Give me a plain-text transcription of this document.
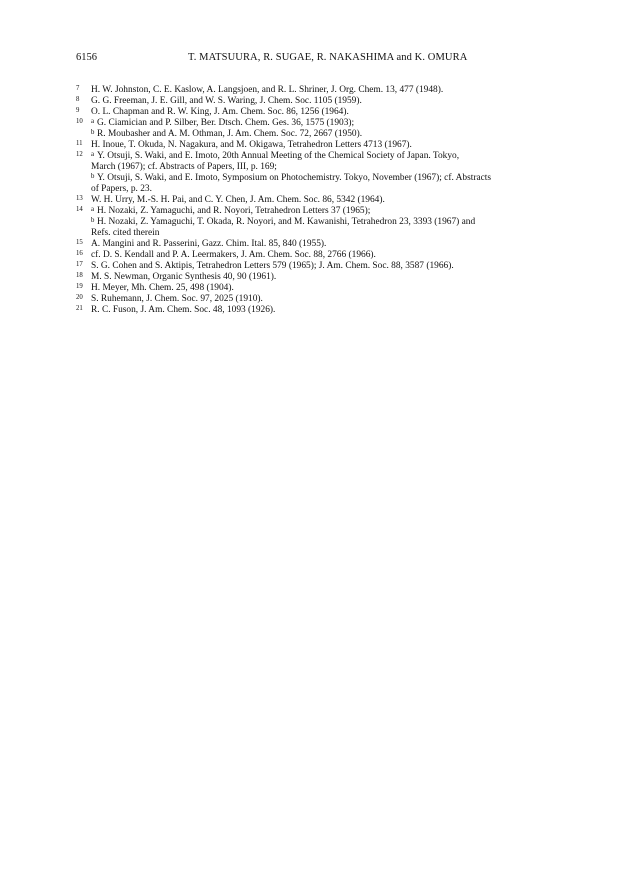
6156	T. MATSUURA, R. SUGAE, R. NAKASHIMA and K. OMURA
7	H. W. Johnston, C. E. Kaslow, A. Langsjoen, and R. L. Shriner, J. Org. Chem. 13, 477 (1948).
8	G. G. Freeman, J. E. Gill, and W. S. Waring, J. Chem. Soc. 1105 (1959).
9	O. L. Chapman and R. W. King, J. Am. Chem. Soc. 86, 1256 (1964).
10	a G. Ciamician and P. Silber, Ber. Dtsch. Chem. Ges. 36, 1575 (1903);
b R. Moubasher and A. M. Othman, J. Am. Chem. Soc. 72, 2667 (1950).
11 H. Inoue, T. Okuda, N. Nagakura, and M. Okigawa, Tetrahedron Letters 4713 (1967).
12	a Y. Otsuji, S. Waki, and E. Imoto, 20th Annual Meeting of the Chemical Society of Japan. Tokyo,
March (1967); cf. Abstracts of Papers, III, p. 169;
b Y. Otsuji, S. Waki, and E. Imoto, Symposium on Photochemistry. Tokyo, November (1967); cf. Abstracts
of Papers, p. 23.
13 W. H. Urry, M.-S. H. Pai, and C. Y. Chen, J. Am. Chem. Soc. 86, 5342 (1964).
14	a H. Nozaki, Z. Yamaguchi, and R. Noyori, Tetrahedron Letters 37 (1965);
b H. Nozaki, Z. Yamaguchi, T. Okada, R. Noyori, and M. Kawanishi, Tetrahedron 23, 3393 (1967) and
Refs. cited therein
15 A. Mangini and R. Passerini, Gazz. Chim. Ital. 85, 840 (1955).
16 cf. D. S. Kendall and P. A. Leermakers, J. Am. Chem. Soc. 88, 2766 (1966).
17 S. G. Cohen and S. Aktipis, Tetrahedron Letters 579 (1965); J. Am. Chem. Soc. 88, 3587 (1966).
18 M. S. Newman, Organic Synthesis 40, 90 (1961).
19 H. Meyer, Mh. Chem. 25, 498 (1904).
20 S. Ruhemann, J. Chem. Soc. 97, 2025 (1910).
21 R. C. Fuson, J. Am. Chem. Soc. 48, 1093 (1926).
